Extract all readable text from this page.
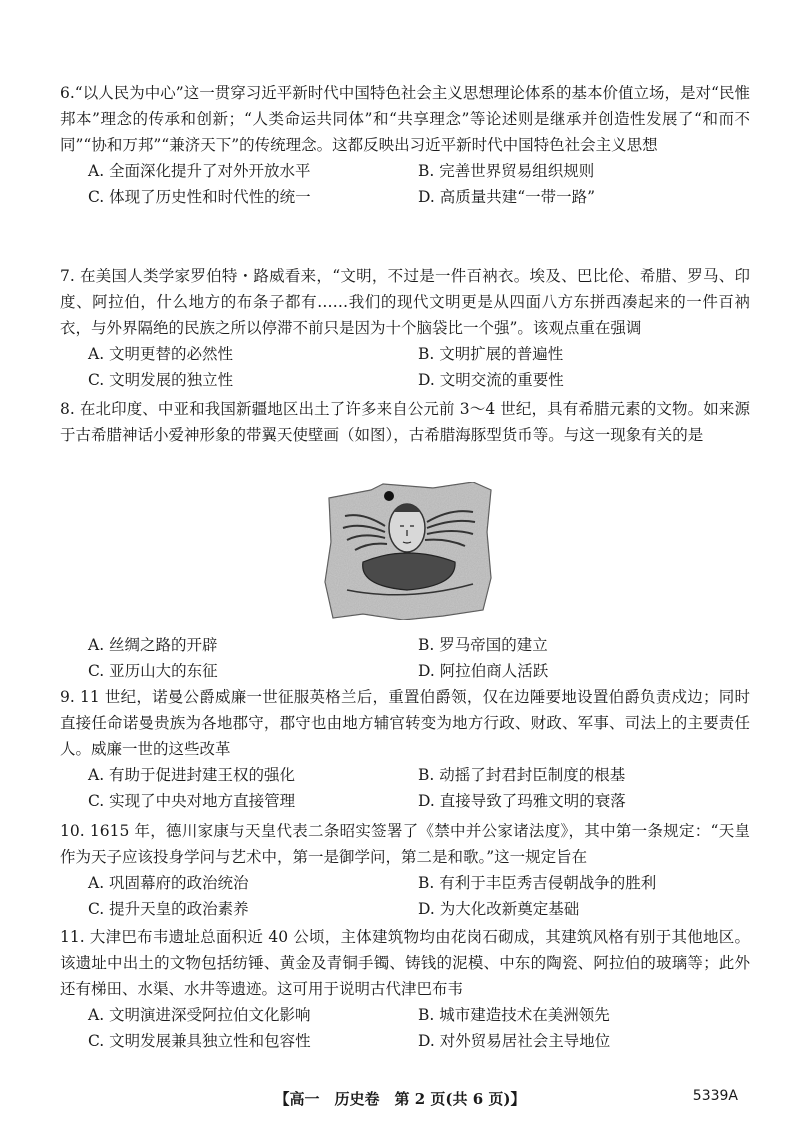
6.“以人民为中心”这一贯穿习近平新时代中国特色社会主义思想理论体系的基本价值立场，是对“民惟邦本”理念的传承和创新；“人类命运共同体”和“共享理念”等论述则是继承并创造性发展了“和而不同”“协和万邦”“兼济天下”的传统理念。这都反映出习近平新时代中国特色社会主义思想

A. 全面深化提升了对外开放水平	B. 完善世界贸易组织规则
C. 体现了历史性和时代性的统一	D. 高质量共建“一带一路”

7. 在美国人类学家罗伯特・路威看来，“文明，不过是一件百衲衣。埃及、巴比伦、希腊、罗马、印度、阿拉伯，什么地方的布条子都有……我们的现代文明更是从四面八方东拼西凑起来的一件百衲衣，与外界隔绝的民族之所以停滞不前只是因为十个脑袋比一个强”。该观点重在强调

A. 文明更替的必然性	B. 文明扩展的普遍性
C. 文明发展的独立性	D. 文明交流的重要性

8. 在北印度、中亚和我国新疆地区出土了许多来自公元前 3～4 世纪，具有希腊元素的文物。如来源于古希腊神话小爱神形象的带翼天使壁画（如图），古希腊海豚型货币等。与这一现象有关的是

A. 丝绸之路的开辟	B. 罗马帝国的建立
C. 亚历山大的东征	D. 阿拉伯商人活跃

9. 11 世纪，诺曼公爵威廉一世征服英格兰后，重置伯爵领，仅在边陲要地设置伯爵负责戍边；同时直接任命诺曼贵族为各地郡守，郡守也由地方辅官转变为地方行政、财政、军事、司法上的主要责任人。威廉一世的这些改革

A. 有助于促进封建王权的强化	B. 动摇了封君封臣制度的根基
C. 实现了中央对地方直接管理	D. 直接导致了玛雅文明的衰落

10. 1615 年，德川家康与天皇代表二条昭实签署了《禁中并公家诸法度》，其中第一条规定：“天皇作为天子应该投身学问与艺术中，第一是御学问，第二是和歌。”这一规定旨在

A. 巩固幕府的政治统治	B. 有利于丰臣秀吉侵朝战争的胜利
C. 提升天皇的政治素养	D. 为大化改新奠定基础

11. 大津巴布韦遗址总面积近 40 公顷，主体建筑物均由花岗石砌成，其建筑风格有别于其他地区。该遗址中出土的文物包括纺锤、黄金及青铜手镯、铸钱的泥模、中东的陶瓷、阿拉伯的玻璃等；此外还有梯田、水渠、水井等遗迹。这可用于说明古代津巴布韦

A. 文明演进深受阿拉伯文化影响	B. 城市建造技术在美洲领先
C. 文明发展兼具独立性和包容性	D. 对外贸易居社会主导地位
【高一　历史卷　第 2 页(共 6 页)】	5339A
